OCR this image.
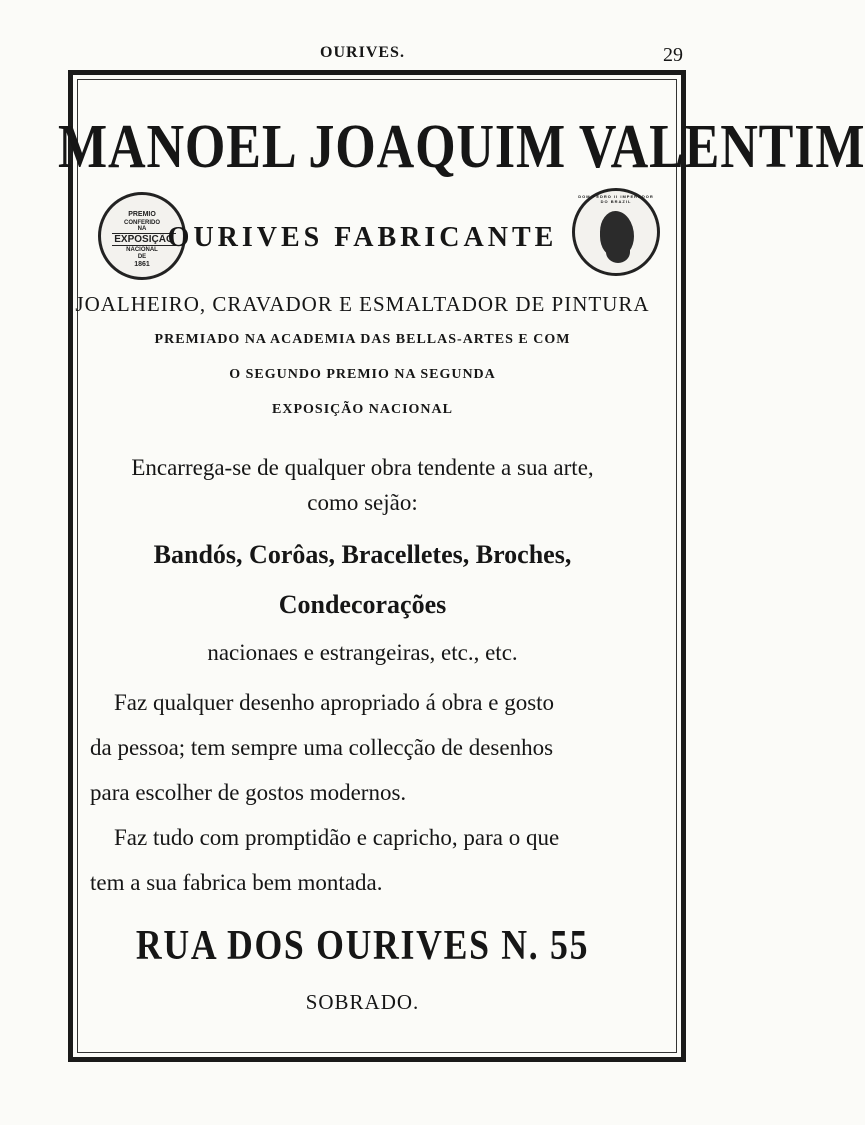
OURIVES.	29
MANOEL JOAQUIM VALENTIM
PREMIO
CONFERIDO
NA
EXPOSIÇÃO
NACIONAL
DE
1861
OURIVES FABRICANTE
DOM PEDRO II IMPERADOR DO BRAZIL
JOALHEIRO, CRAVADOR E ESMALTADOR DE PINTURA
PREMIADO NA ACADEMIA DAS BELLAS-ARTES E COM
O SEGUNDO PREMIO NA SEGUNDA
EXPOSIÇÃO NACIONAL
Encarrega-se de qualquer obra tendente a sua arte,
como sejão:
Bandós, Corôas, Bracelletes, Broches,
Condecorações
nacionaes e estrangeiras, etc., etc.
Faz qualquer desenho apropriado á obra e gosto
da pessoa; tem sempre uma collecção de desenhos
para escolher de gostos modernos.
Faz tudo com promptidão e capricho, para o que
tem a sua fabrica bem montada.
RUA DOS OURIVES N. 55
SOBRADO.
